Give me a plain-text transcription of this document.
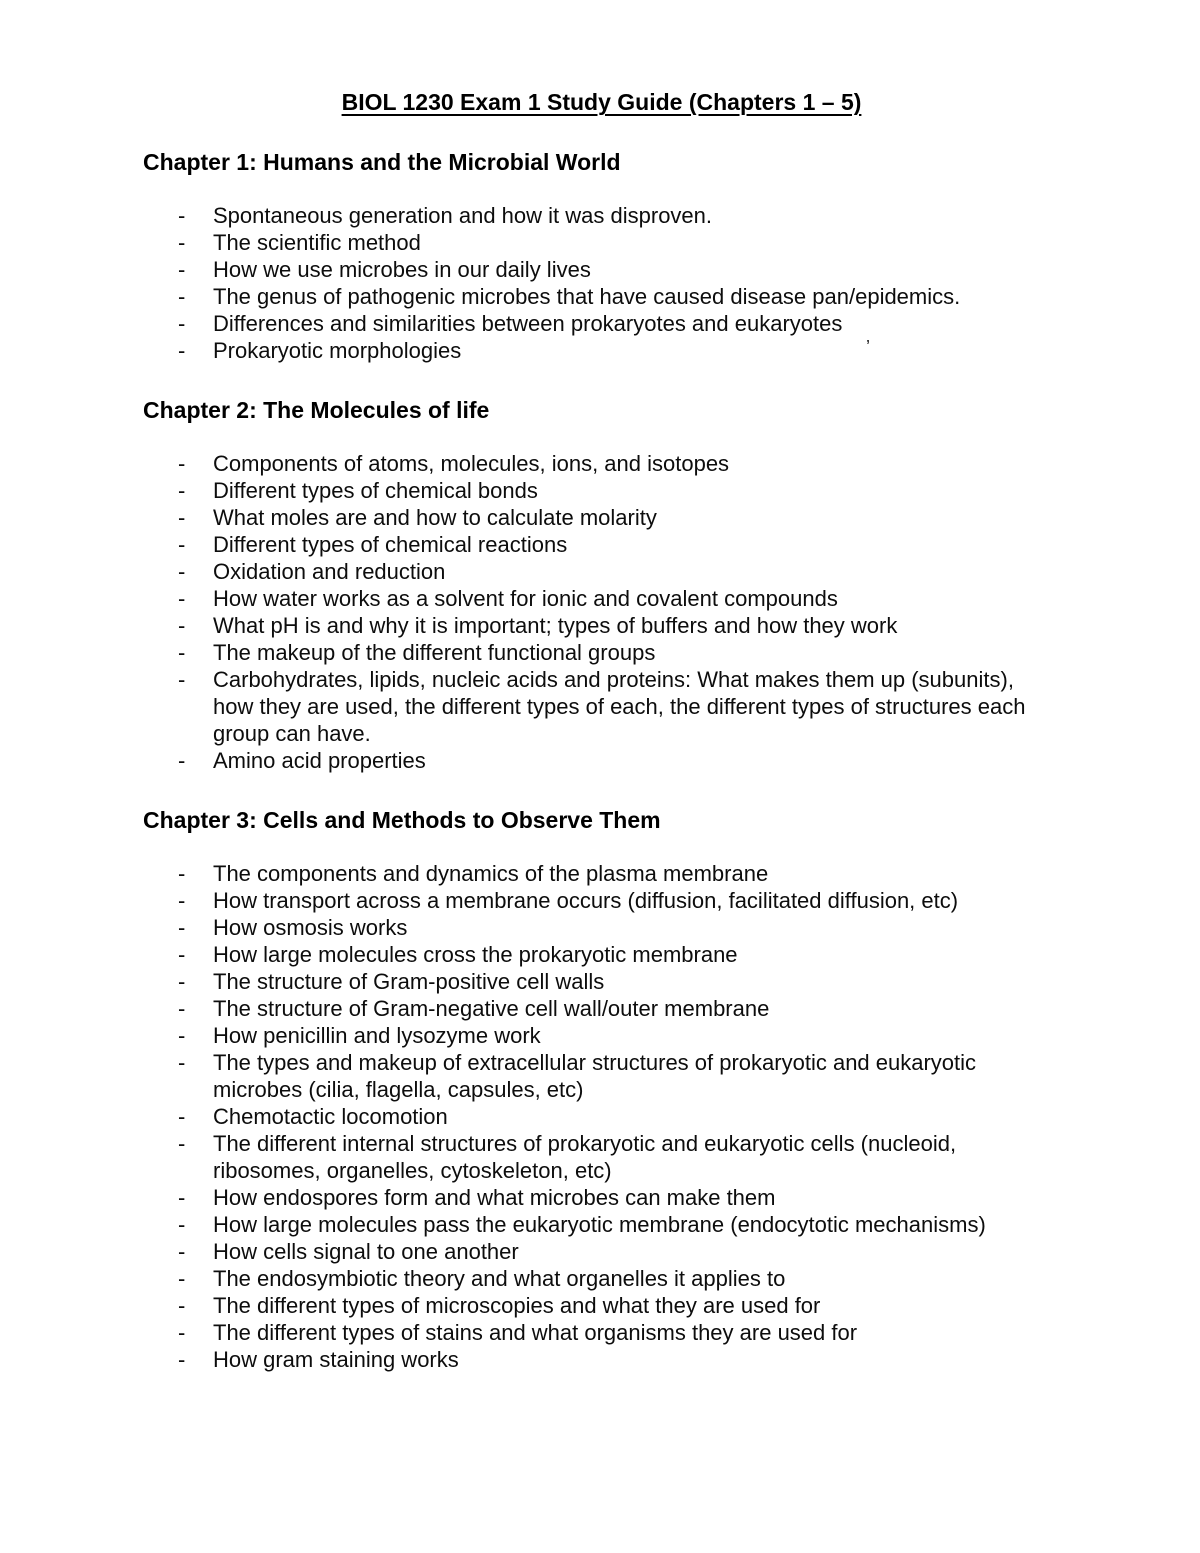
BIOL 1230 Exam 1 Study Guide (Chapters 1 – 5)
Chapter 1: Humans and the Microbial World
-	Spontaneous generation and how it was disproven.
-	The scientific method
-	How we use microbes in our daily lives
-	The genus of pathogenic microbes that have caused disease pan/epidemics.
-	Differences and similarities between prokaryotes and eukaryotes
-	Prokaryotic morphologies
Chapter 2: The Molecules of life
-	Components of atoms, molecules, ions, and isotopes
-	Different types of chemical bonds
-	What moles are and how to calculate molarity
-	Different types of chemical reactions
-	Oxidation and reduction
-	How water works as a solvent for ionic and covalent compounds
-	What pH is and why it is important; types of buffers and how they work
-	The makeup of the different functional groups
-	Carbohydrates, lipids, nucleic acids and proteins: What makes them up (subunits), how they are used, the different types of each, the different types of structures each group can have.
-	Amino acid properties
Chapter 3: Cells and Methods to Observe Them
-	The components and dynamics of the plasma membrane
-	How transport across a membrane occurs (diffusion, facilitated diffusion, etc)
-	How osmosis works
-	How large molecules cross the prokaryotic membrane
-	The structure of Gram-positive cell walls
-	The structure of Gram-negative cell wall/outer membrane
-	How penicillin and lysozyme work
-	The types and makeup of extracellular structures of prokaryotic and eukaryotic microbes (cilia, flagella, capsules, etc)
-	Chemotactic locomotion
-	The different internal structures of prokaryotic and eukaryotic cells (nucleoid, ribosomes, organelles, cytoskeleton, etc)
-	How endospores form and what microbes can make them
-	How large molecules pass the eukaryotic membrane (endocytotic mechanisms)
-	How cells signal to one another
-	The endosymbiotic theory and what organelles it applies to
-	The different types of microscopies and what they are used for
-	The different types of stains and what organisms they are used for
-	How gram staining works
’
